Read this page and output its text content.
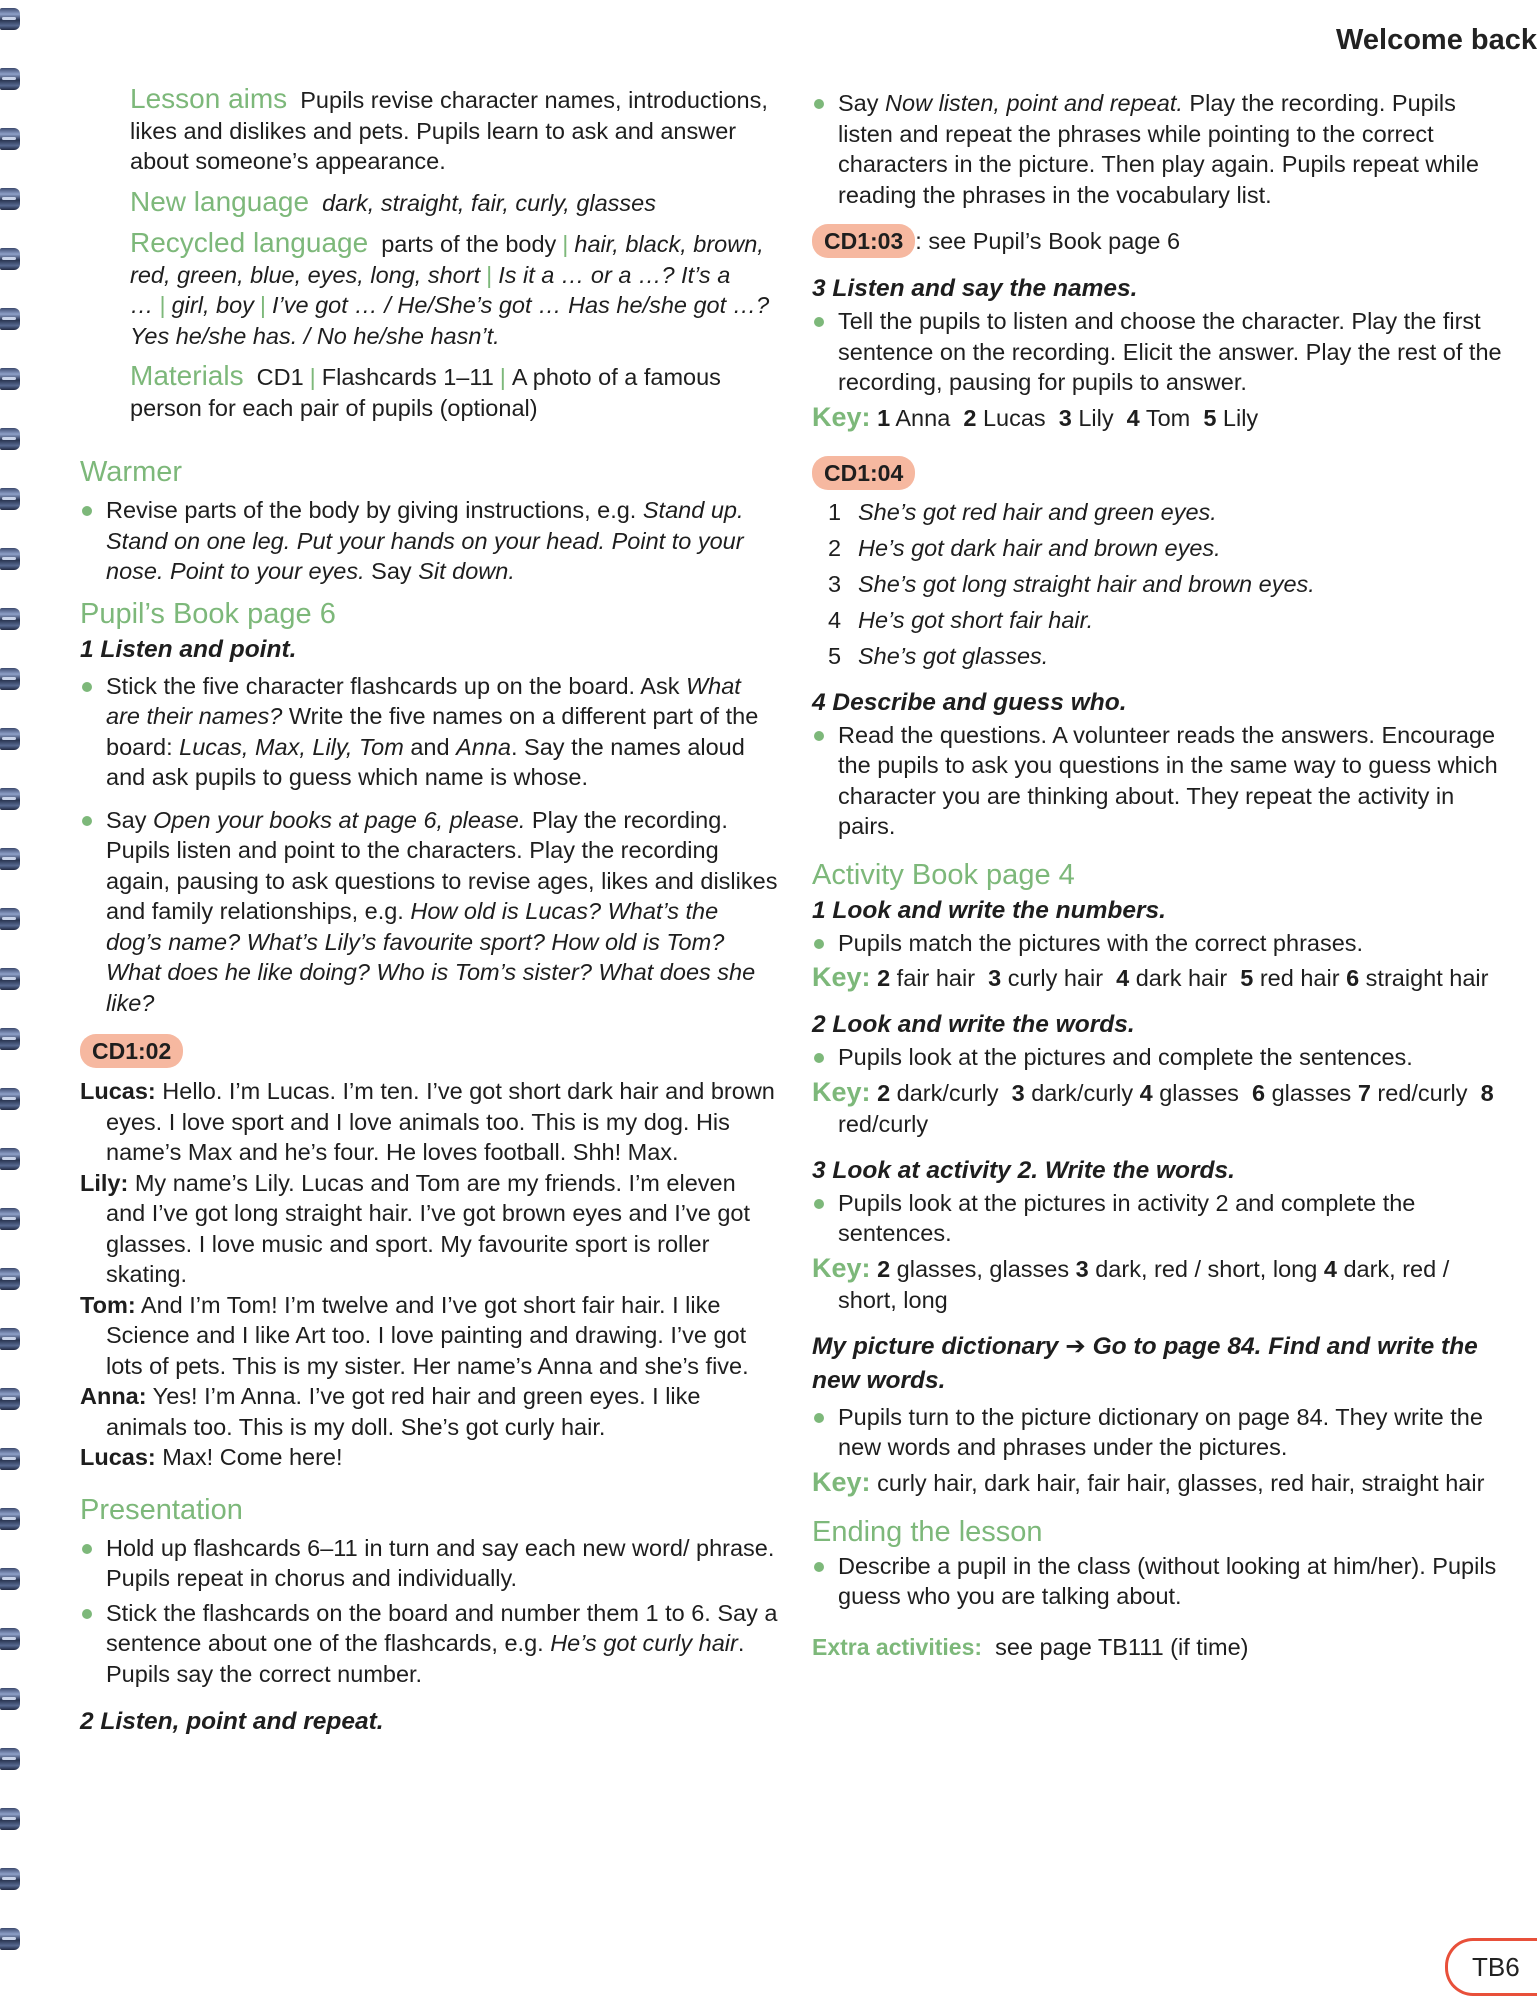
Welcome back

Lesson aims Pupils revise character names, introductions, likes and dislikes and pets. Pupils learn to ask and answer about someone’s appearance.

New language dark, straight, fair, curly, glasses

Recycled language parts of the body | hair, black, brown, red, green, blue, eyes, long, short | Is it a … or a …? It’s a … | girl, boy | I’ve got … / He/She’s got … Has he/she got …? Yes he/she has. / No he/she hasn’t.

Materials CD1 | Flashcards 1–11 | A photo of a famous person for each pair of pupils (optional)

Warmer

Revise parts of the body by giving instructions, e.g. Stand up. Stand on one leg. Put your hands on your head. Point to your nose. Point to your eyes. Say Sit down.

Pupil’s Book page 6
1 Listen and point.

Stick the five character flashcards up on the board. Ask What are their names? Write the five names on a different part of the board: Lucas, Max, Lily, Tom and Anna. Say the names aloud and ask pupils to guess which name is whose.

Say Open your books at page 6, please. Play the recording. Pupils listen and point to the characters. Play the recording again, pausing to ask questions to revise ages, likes and dislikes and family relationships, e.g. How old is Lucas? What’s the dog’s name? What’s Lily’s favourite sport? How old is Tom? What does he like doing? Who is Tom’s sister? What does she like?

CD1:02

Lucas: Hello. I’m Lucas. I’m ten. I’ve got short dark hair and brown eyes. I love sport and I love animals too. This is my dog. His name’s Max and he’s four. He loves football. Shh! Max.

Lily: My name’s Lily. Lucas and Tom are my friends. I’m eleven and I’ve got long straight hair. I’ve got brown eyes and I’ve got glasses. I love music and sport. My favourite sport is roller skating.

Tom: And I’m Tom! I’m twelve and I’ve got short fair hair. I like Science and I like Art too. I love painting and drawing. I’ve got lots of pets. This is my sister. Her name’s Anna and she’s five.

Anna: Yes! I’m Anna. I’ve got red hair and green eyes. I like animals too. This is my doll. She’s got curly hair.

Lucas: Max! Come here!

Presentation

Hold up flashcards 6–11 in turn and say each new word/ phrase. Pupils repeat in chorus and individually.

Stick the flashcards on the board and number them 1 to 6. Say a sentence about one of the flashcards, e.g. He’s got curly hair. Pupils say the correct number.

2 Listen, point and repeat.

Say Now listen, point and repeat. Play the recording. Pupils listen and repeat the phrases while pointing to the correct characters in the picture. Then play again. Pupils repeat while reading the phrases in the vocabulary list.

CD1:03 : see Pupil’s Book page 6

3 Listen and say the names.

Tell the pupils to listen and choose the character. Play the first sentence on the recording. Elicit the answer. Play the rest of the recording, pausing for pupils to answer.

Key: 1 Anna 2 Lucas 3 Lily 4 Tom 5 Lily

CD1:04
1 She’s got red hair and green eyes.
2 He’s got dark hair and brown eyes.
3 She’s got long straight hair and brown eyes.
4 He’s got short fair hair.
5 She’s got glasses.
4 Describe and guess who.

Read the questions. A volunteer reads the answers. Encourage the pupils to ask you questions in the same way to guess which character you are thinking about. They repeat the activity in pairs.

Activity Book page 4
1 Look and write the numbers.

Pupils match the pictures with the correct phrases.

Key: 2 fair hair 3 curly hair 4 dark hair 5 red hair 6 straight hair

2 Look and write the words.

Pupils look at the pictures and complete the sentences.

Key: 2 dark/curly 3 dark/curly 4 glasses 6 glasses 7 red/curly 8 red/curly

3 Look at activity 2. Write the words.

Pupils look at the pictures in activity 2 and complete the sentences.

Key: 2 glasses, glasses 3 dark, red / short, long 4 dark, red / short, long

My picture dictionary ➔ Go to page 84. Find and write the new words.

Pupils turn to the picture dictionary on page 84. They write the new words and phrases under the pictures.

Key: curly hair, dark hair, fair hair, glasses, red hair, straight hair

Ending the lesson

Describe a pupil in the class (without looking at him/her). Pupils guess who you are talking about.

Extra activities: see page TB111 (if time)

TB6
